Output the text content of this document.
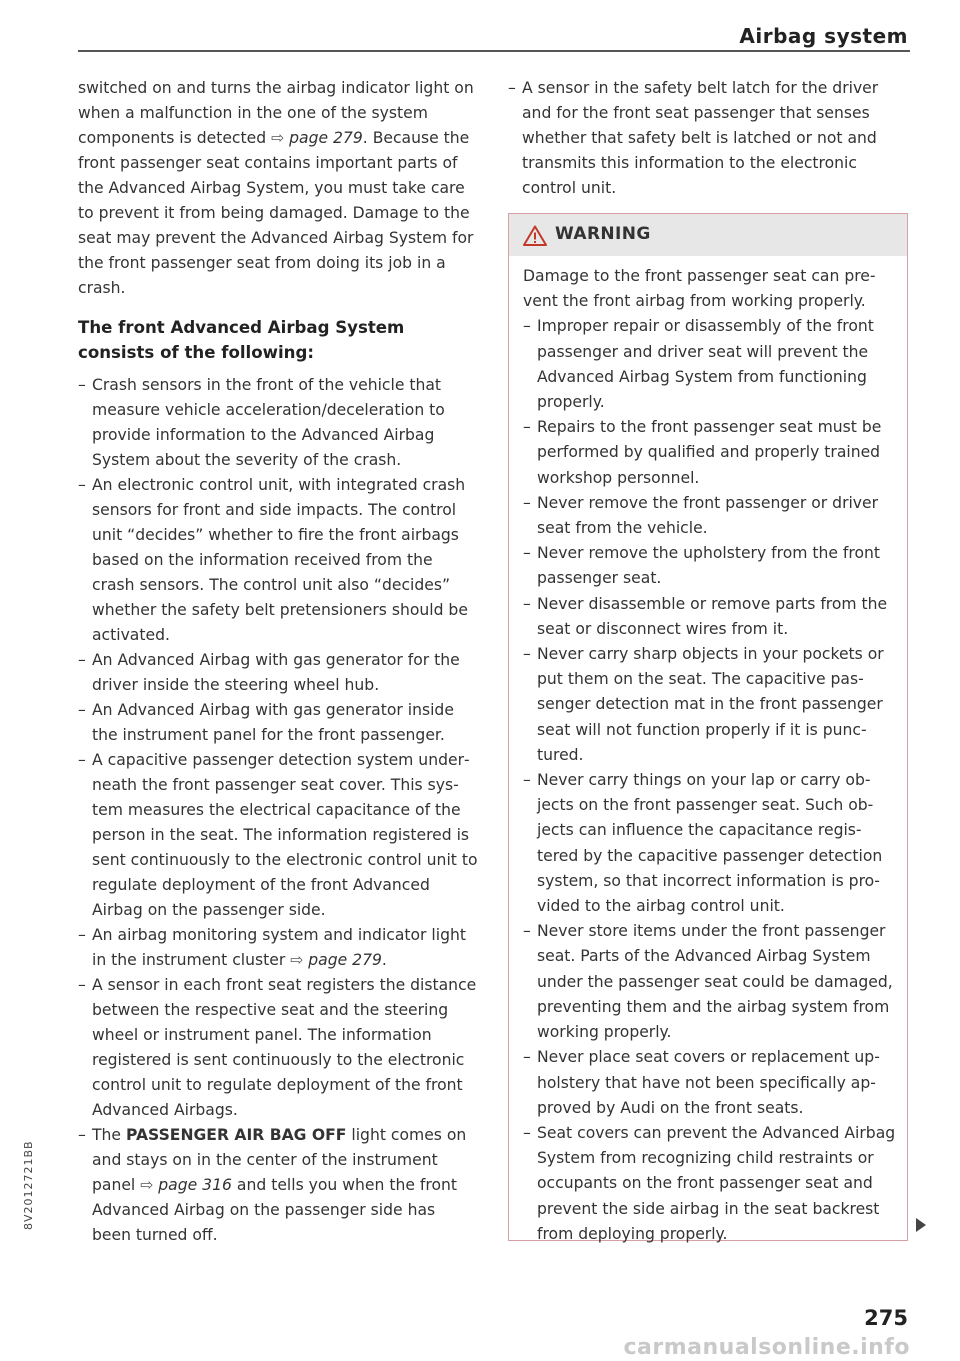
Airbag system

switched on and turns the airbag indicator light on when a malfunction in the one of the system components is detected ⇨ page 279. Because the front passenger seat contains important parts of the Advanced Airbag System, you must take care to prevent it from being damaged. Damage to the seat may prevent the Advanced Airbag System for the front passenger seat from doing its job in a crash.

The front Advanced Airbag System consists of the following:
– Crash sensors in the front of the vehicle that measure vehicle acceleration/deceleration to provide information to the Advanced Airbag System about the severity of the crash.
– An electronic control unit, with integrated crash sensors for front and side impacts. The control unit “decides” whether to fire the front airbags based on the information received from the crash sensors. The control unit also “decides” whether the safety belt pretensioners should be activated.
– An Advanced Airbag with gas generator for the driver inside the steering wheel hub.
– An Advanced Airbag with gas generator inside the instrument panel for the front passenger.
– A capacitive passenger detection system underneath the front passenger seat cover. This system measures the electrical capacitance of the person in the seat. The information registered is sent continuously to the electronic control unit to regulate deployment of the front Advanced Airbag on the passenger side.
– An airbag monitoring system and indicator light in the instrument cluster ⇨ page 279.
– A sensor in each front seat registers the distance between the respective seat and the steering wheel or instrument panel. The information registered is sent continuously to the electronic control unit to regulate deployment of the front Advanced Airbags.
– The PASSENGER AIR BAG OFF light comes on and stays on in the center of the instrument panel ⇨ page 316 and tells you when the front Advanced Airbag on the passenger side has been turned off.
– A sensor in the safety belt latch for the driver and for the front seat passenger that senses whether that safety belt is latched or not and transmits this information to the electronic control unit.
WARNING

Damage to the front passenger seat can prevent the front airbag from working properly.

– Improper repair or disassembly of the front passenger and driver seat will prevent the Advanced Airbag System from functioning properly.
– Repairs to the front passenger seat must be performed by qualified and properly trained workshop personnel.
– Never remove the front passenger or driver seat from the vehicle.
– Never remove the upholstery from the front passenger seat.
– Never disassemble or remove parts from the seat or disconnect wires from it.
– Never carry sharp objects in your pockets or put them on the seat. The capacitive passenger detection mat in the front passenger seat will not function properly if it is punctured.
– Never carry things on your lap or carry objects on the front passenger seat. Such objects can influence the capacitance registered by the capacitive passenger detection system, so that incorrect information is provided to the airbag control unit.
– Never store items under the front passenger seat. Parts of the Advanced Airbag System under the passenger seat could be damaged, preventing them and the airbag system from working properly.
– Never place seat covers or replacement upholstery that have not been specifically approved by Audi on the front seats.
– Seat covers can prevent the Advanced Airbag System from recognizing child restraints or occupants on the front passenger seat and prevent the side airbag in the seat backrest from deploying properly.
8V2012721BB
275
carmanualsonline.info
